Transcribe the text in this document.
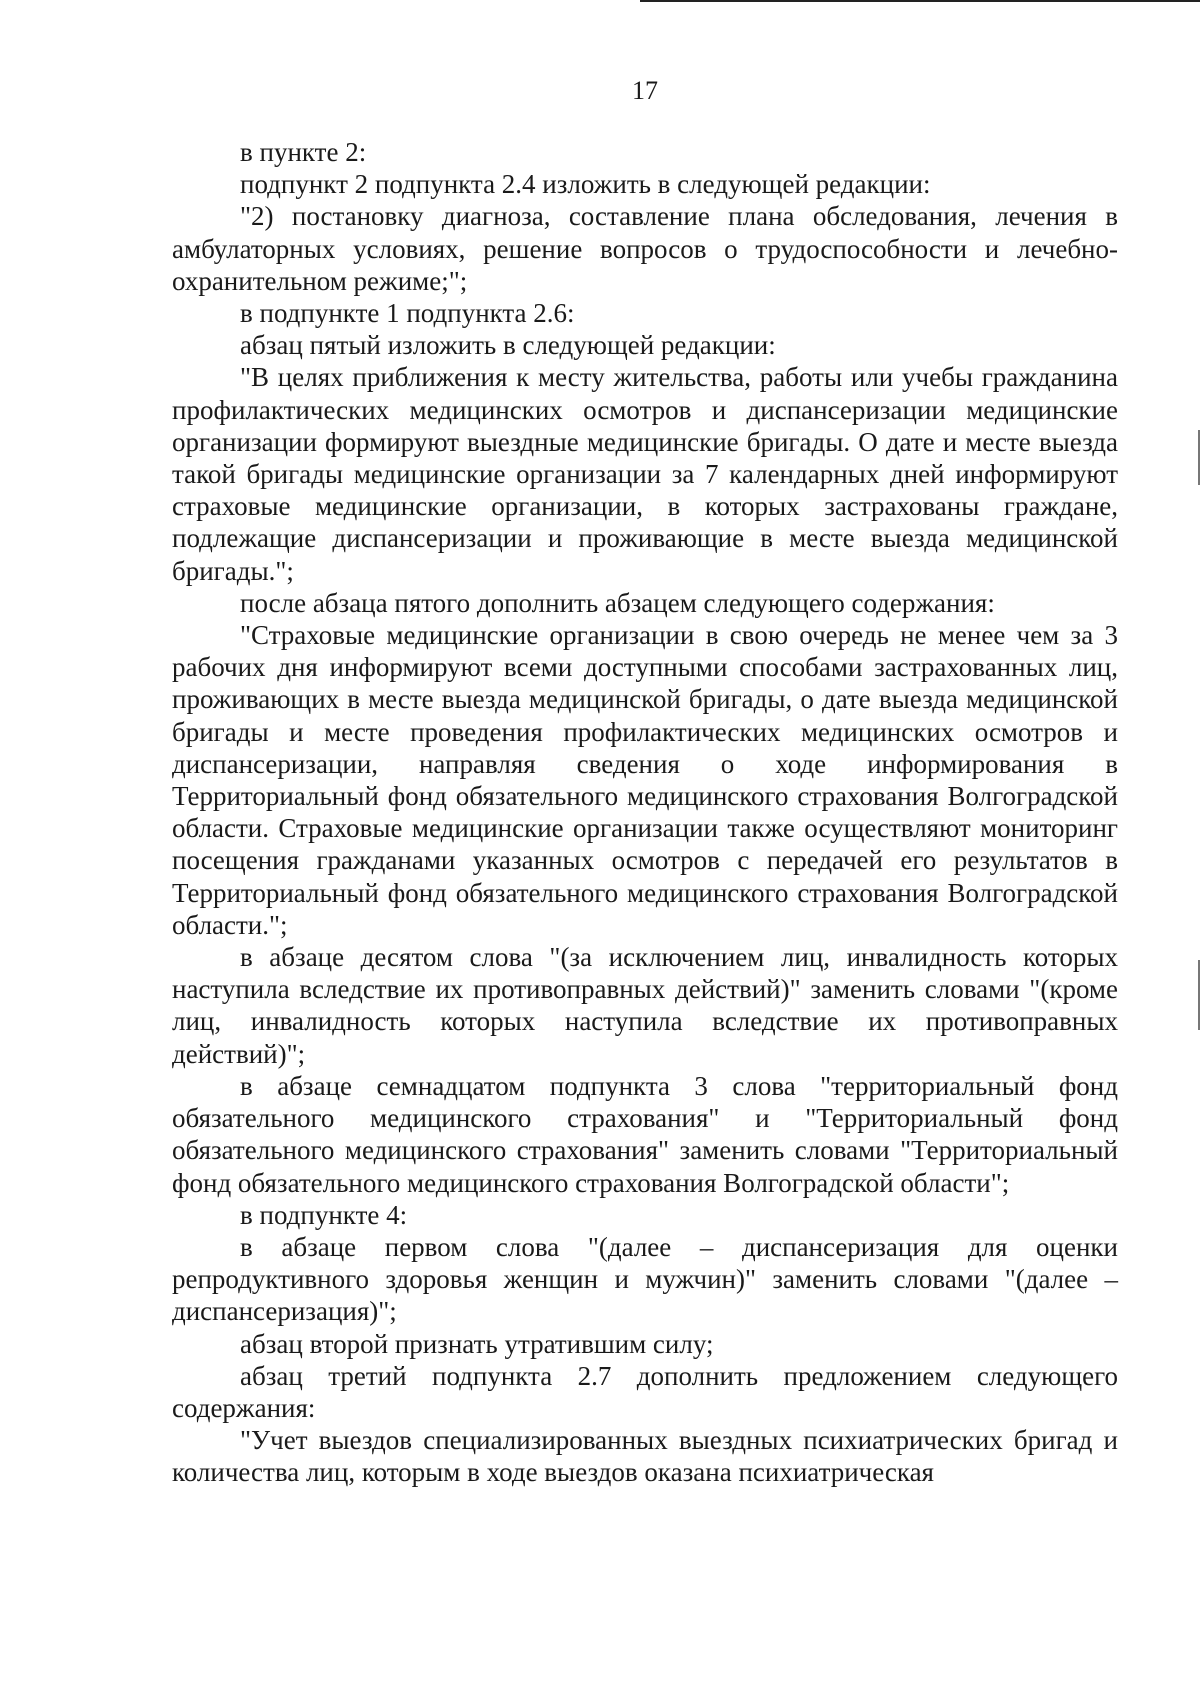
17

в пункте 2:

подпункт 2 подпункта 2.4 изложить в следующей редакции:

"2) постановку диагноза, составление плана обследования, лечения в амбулаторных условиях, решение вопросов о трудоспособности и лечебно-охранительном режиме;";

в подпункте 1 подпункта 2.6:

абзац пятый изложить в следующей редакции:

"В целях приближения к месту жительства, работы или учебы гражданина профилактических медицинских осмотров и диспансеризации медицинские организации формируют выездные медицинские бригады. О дате и месте выезда такой бригады медицинские организации за 7 календарных дней информируют страховые медицинские организации, в которых застрахованы граждане, подлежащие диспансеризации и проживающие в месте выезда медицинской бригады.";

после абзаца пятого дополнить абзацем следующего содержания:

"Страховые медицинские организации в свою очередь не менее чем за 3 рабочих дня информируют всеми доступными способами застрахованных лиц, проживающих в месте выезда медицинской бригады, о дате выезда медицинской бригады и месте проведения профилактических медицинских осмотров и диспансеризации, направляя сведения о ходе информирования в Территориальный фонд обязательного медицинского страхования Волгоградской области. Страховые медицинские организации также осуществляют мониторинг посещения гражданами указанных осмотров с передачей его результатов в Территориальный фонд обязательного медицинского страхования Волгоградской области.";

в абзаце десятом слова "(за исключением лиц, инвалидность которых наступила вследствие их противоправных действий)" заменить словами "(кроме лиц, инвалидность которых наступила вследствие их противоправных действий)";

в абзаце семнадцатом подпункта 3 слова "территориальный фонд обязательного медицинского страхования" и "Территориальный фонд обязательного медицинского страхования" заменить словами "Территориальный фонд обязательного медицинского страхования Волгоградской области";

в подпункте 4:

в абзаце первом слова "(далее – диспансеризация для оценки репродуктивного здоровья женщин и мужчин)" заменить словами "(далее – диспансеризация)";

абзац второй признать утратившим силу;

абзац третий подпункта 2.7 дополнить предложением следующего содержания:

"Учет выездов специализированных выездных психиатрических бригад и количества лиц, которым в ходе выездов оказана психиатрическая
